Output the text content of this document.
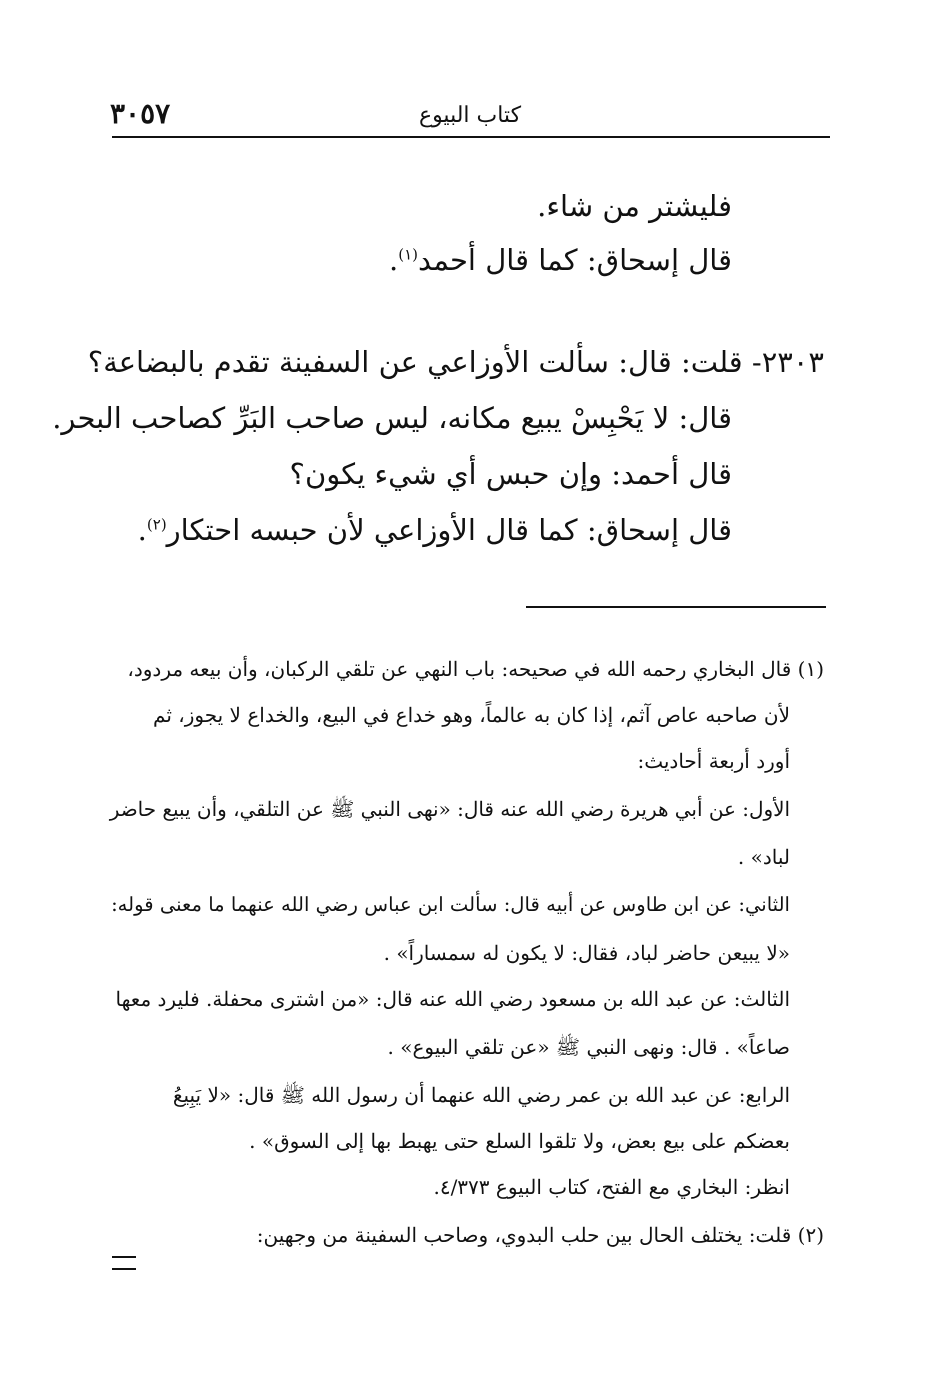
كتاب البيوع
٣٠٥٧
فليشتر من شاء.
قال إسحاق: كما قال أحمد$^{(١)}$.
٢٣٠٣- قلت: قال: سألت الأوزاعي عن السفينة تقدم بالبضاعة؟
قال: لا يَحْبِسْ يبيع مكانه، ليس صاحب البَرِّ كصاحب البحر.
قال أحمد: وإن حبس أي شيء يكون؟
قال إسحاق: كما قال الأوزاعي لأن حبسه احتكار$^{(٢)}$.
(١) قال البخاري رحمه الله في صحيحه: باب النهي عن تلقي الركبان، وأن بيعه مردود،
لأن صاحبه عاص آثم، إذا كان به عالماً، وهو خداع في البيع، والخداع لا يجوز، ثم
أورد أربعة أحاديث:
الأول: عن أبي هريرة رضي الله عنه قال: «نهى النبي ﷺ عن التلقي، وأن يبيع حاضر
لباد» .
الثاني: عن ابن طاوس عن أبيه قال: سألت ابن عباس رضي الله عنهما ما معنى قوله:
«لا يبيعن حاضر لباد، فقال: لا يكون له سمساراً» .
الثالث: عن عبد الله بن مسعود رضي الله عنه قال: «من اشترى محفلة. فليرد معها
صاعاً» . قال: ونهى النبي ﷺ «عن تلقي البيوع» .
الرابع: عن عبد الله بن عمر رضي الله عنهما أن رسول الله ﷺ قال: «لا يَبِيعُ
بعضكم على بيع بعض، ولا تلقوا السلع حتى يهبط بها إلى السوق» .
انظر: البخاري مع الفتح، كتاب البيوع ٤/٣٧٣.
(٢) قلت: يختلف الحال بين حلب البدوي، وصاحب السفينة من وجهين:
